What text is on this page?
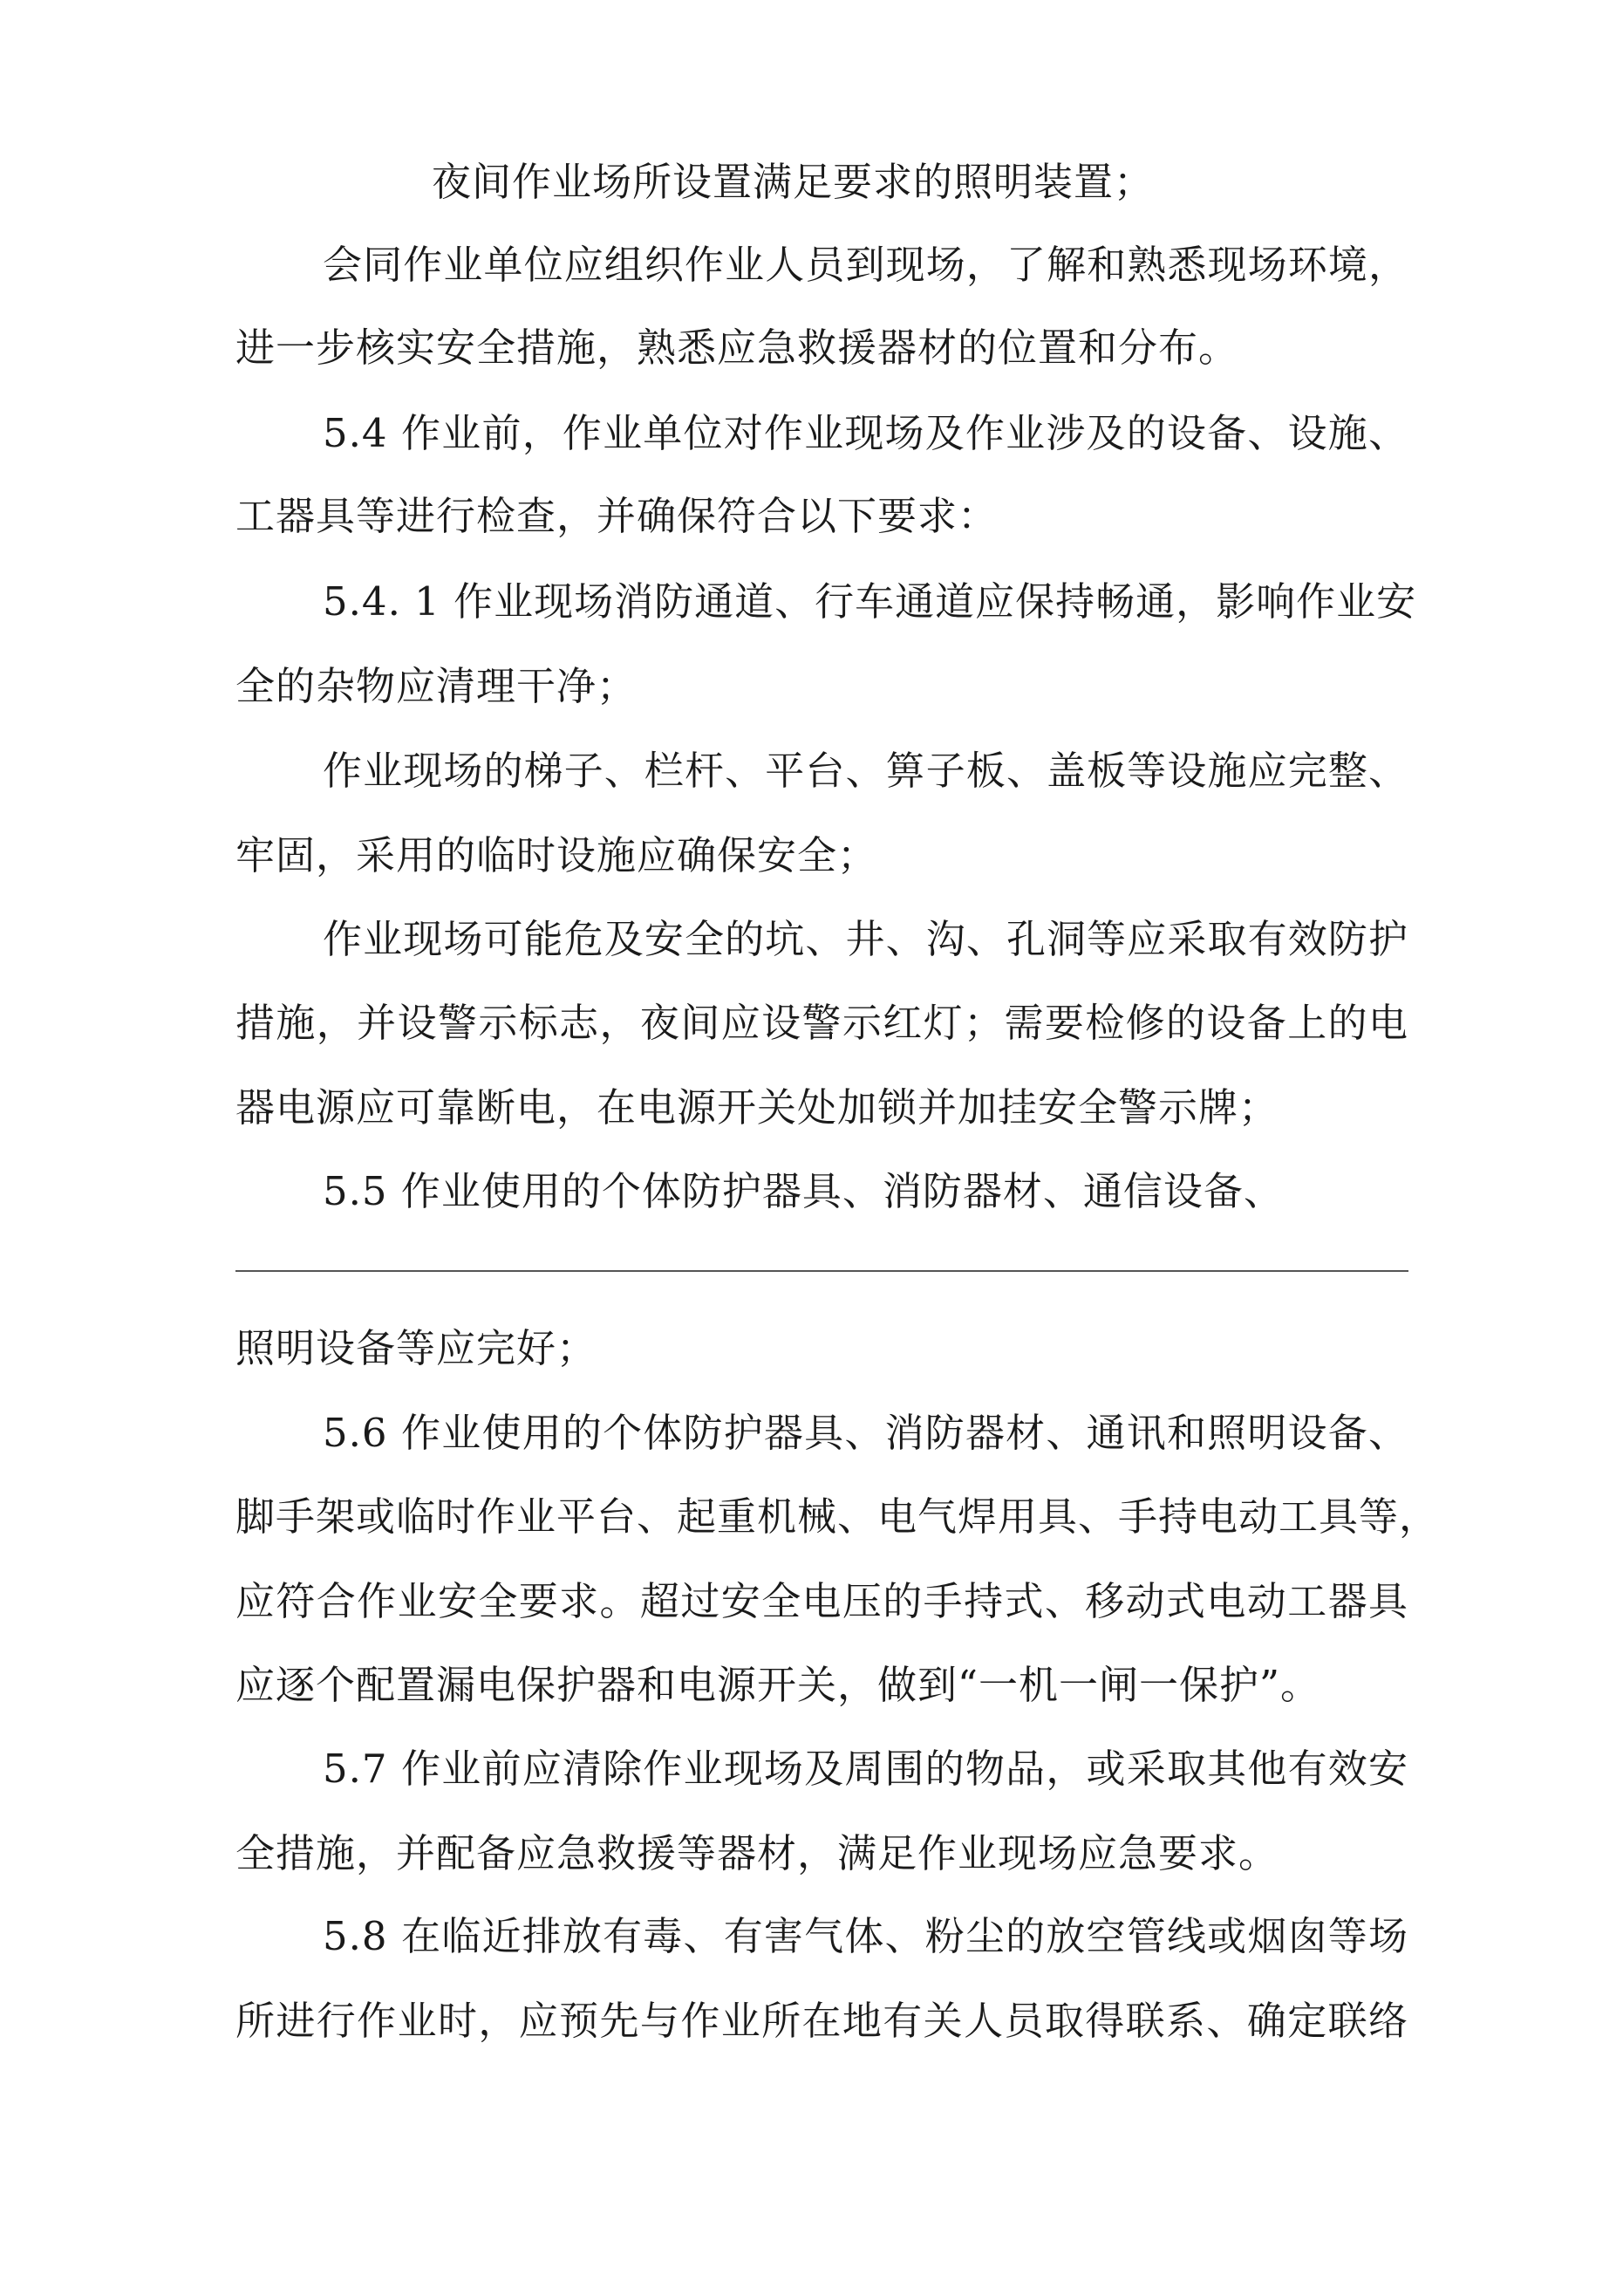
夜间作业场所设置满足要求的照明装置；
会同作业单位应组织作业人员到现场，了解和熟悉现场环境，
进一步核实安全措施，熟悉应急救援器材的位置和分布。
5.4 作业前，作业单位对作业现场及作业涉及的设备、设施、
工器具等进行检查，并确保符合以下要求：
5.4. 1 作业现场消防通道、行车通道应保持畅通，影响作业安
全的杂物应清理干净；
作业现场的梯子、栏杆、平台、箅子板、盖板等设施应完整、
牢固，采用的临时设施应确保安全；
作业现场可能危及安全的坑、井、沟、孔洞等应采取有效防护
措施，并设警示标志，夜间应设警示红灯；需要检修的设备上的电
器电源应可靠断电，在电源开关处加锁并加挂安全警示牌；
5.5 作业使用的个体防护器具、消防器材、通信设备、
照明设备等应完好；
5.6 作业使用的个体防护器具、消防器材、通讯和照明设备、
脚手架或临时作业平台、起重机械、电气焊用具、手持电动工具等，
应符合作业安全要求。超过安全电压的手持式、移动式电动工器具
应逐个配置漏电保护器和电源开关，做到“一机一闸一保护”。
5.7 作业前应清除作业现场及周围的物品，或采取其他有效安
全措施，并配备应急救援等器材，满足作业现场应急要求。
5.8 在临近排放有毒、有害气体、粉尘的放空管线或烟囱等场
所进行作业时，应预先与作业所在地有关人员取得联系、确定联络
